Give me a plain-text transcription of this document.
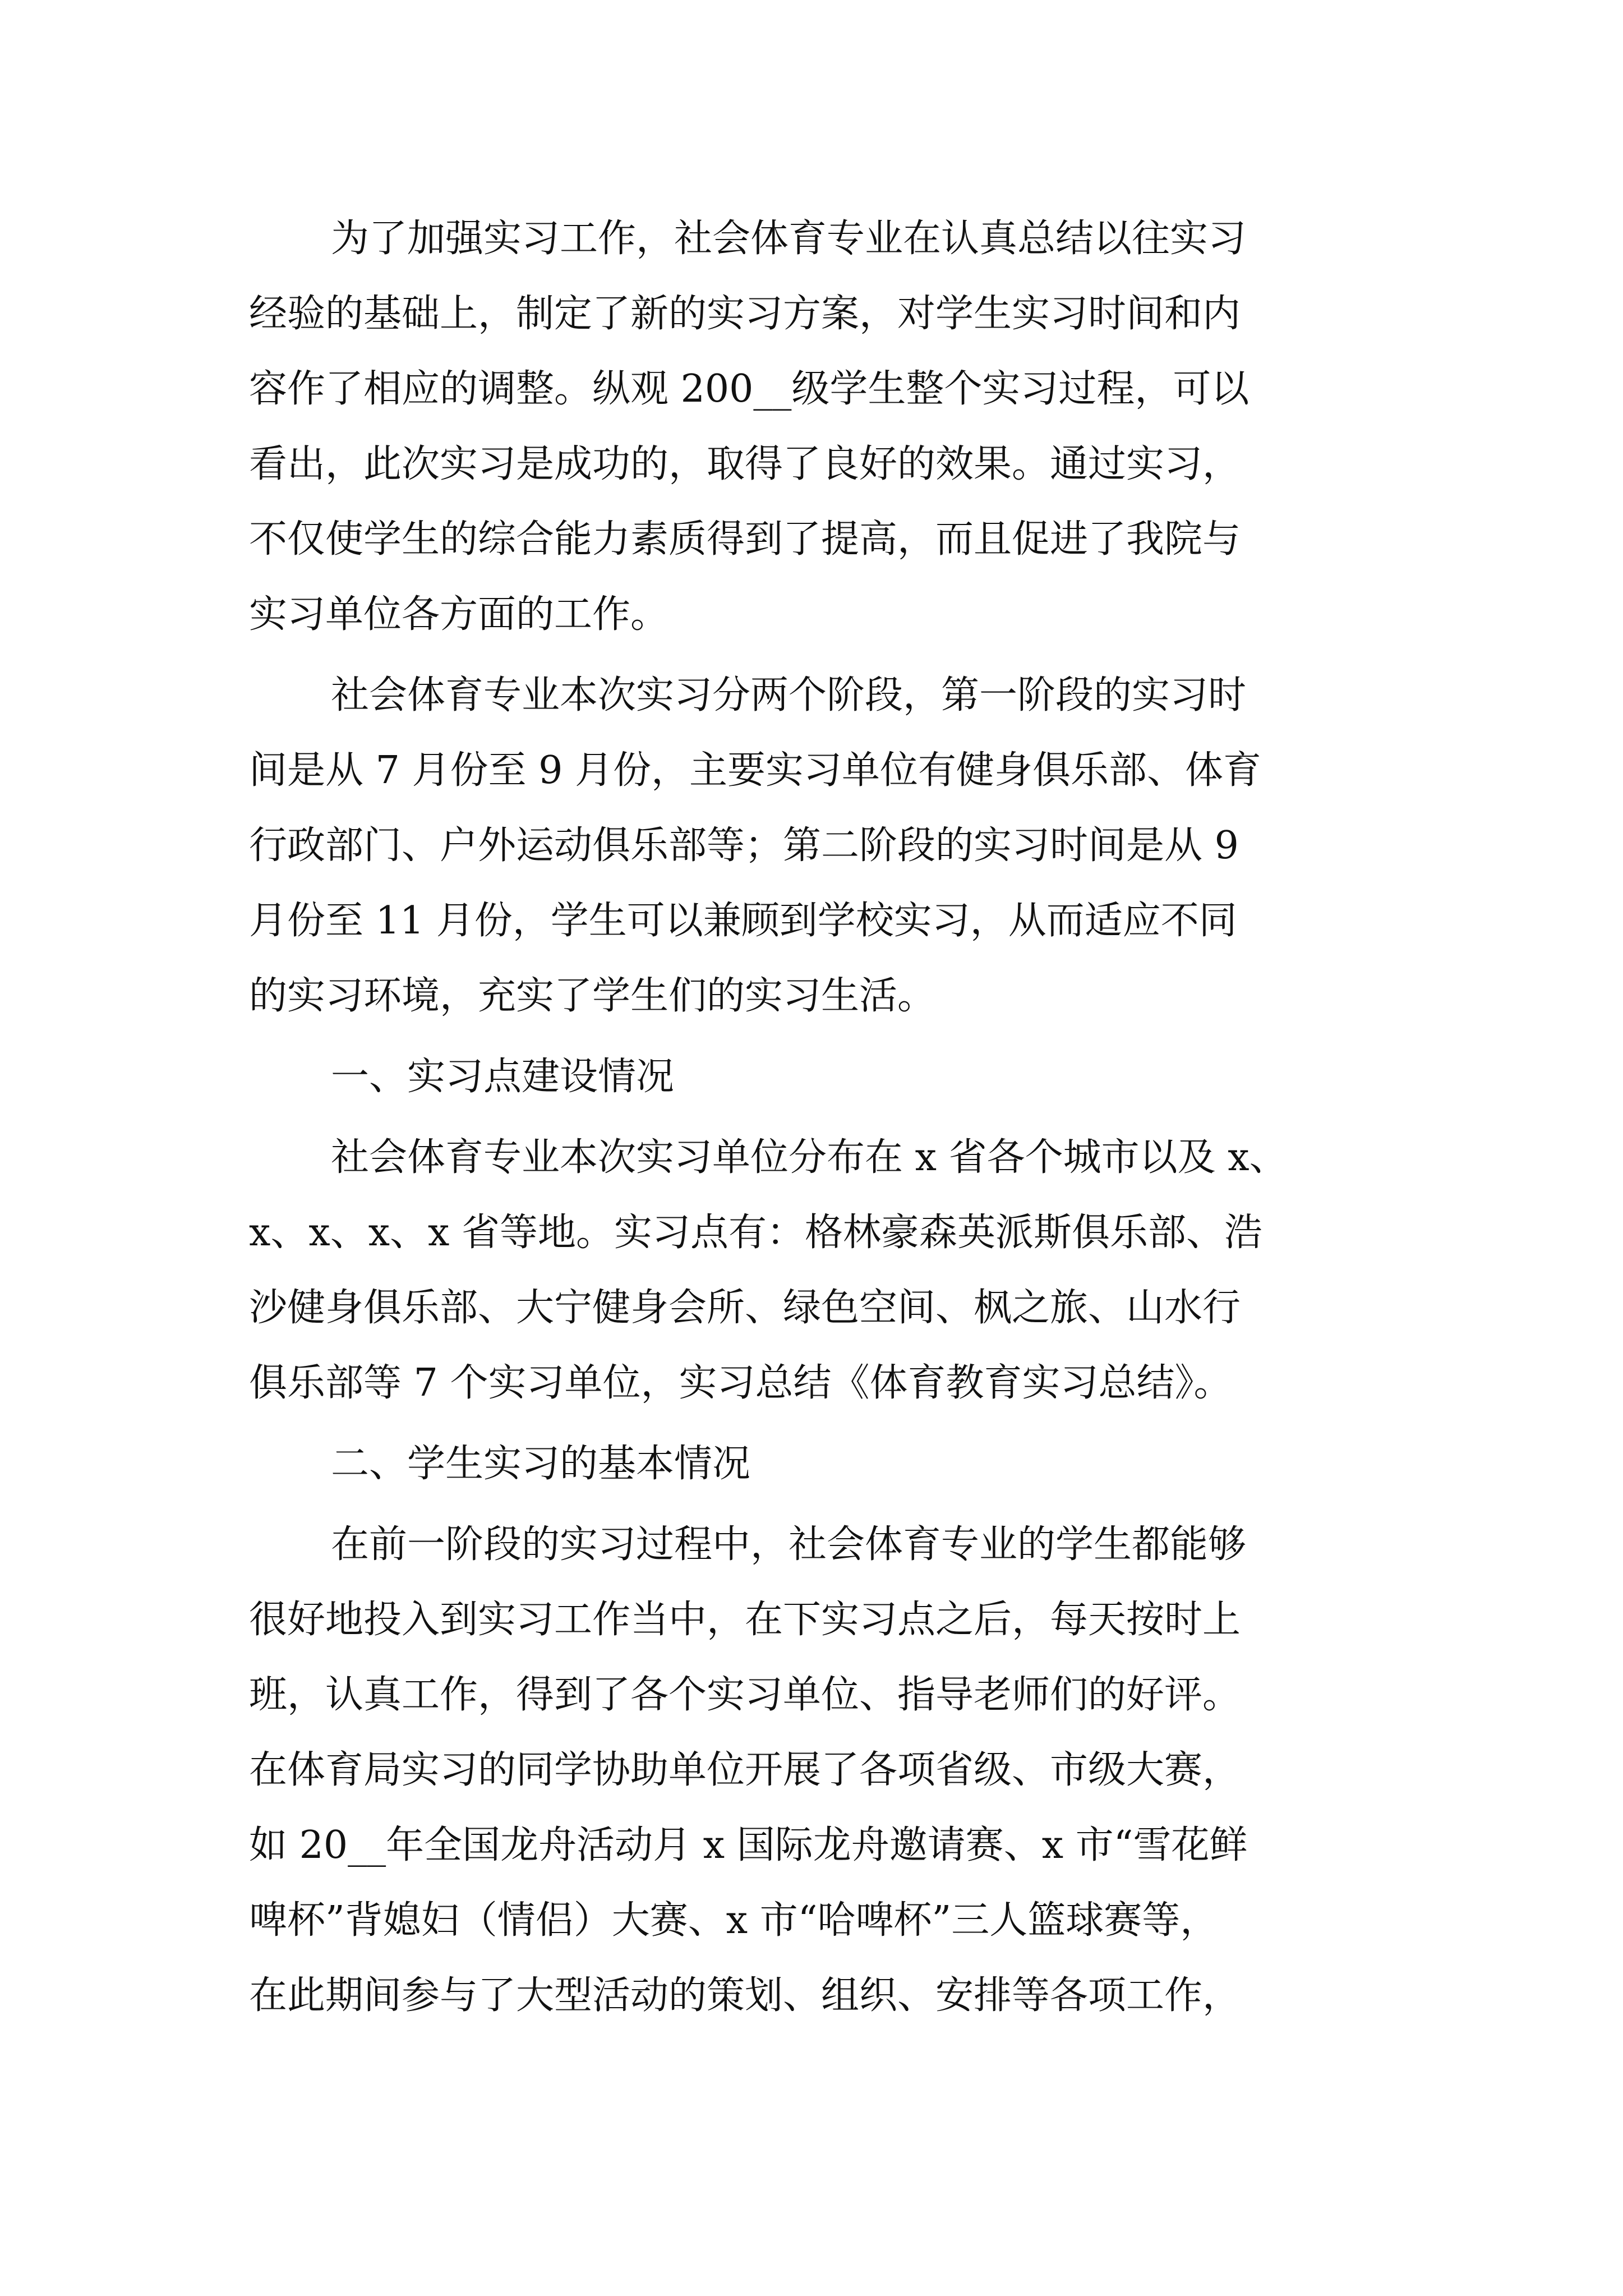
为了加强实习工作，社会体育专业在认真总结以往实习
经验的基础上，制定了新的实习方案，对学生实习时间和内
容作了相应的调整。纵观 200__级学生整个实习过程，可以
看出，此次实习是成功的，取得了良好的效果。通过实习，
不仅使学生的综合能力素质得到了提高，而且促进了我院与
实习单位各方面的工作。
社会体育专业本次实习分两个阶段，第一阶段的实习时
间是从 7 月份至 9 月份，主要实习单位有健身俱乐部、体育
行政部门、户外运动俱乐部等；第二阶段的实习时间是从 9
月份至 11 月份，学生可以兼顾到学校实习，从而适应不同
的实习环境，充实了学生们的实习生活。
一、实习点建设情况
社会体育专业本次实习单位分布在 x 省各个城市以及 x、
x、x、x、x 省等地。实习点有：格林豪森英派斯俱乐部、浩
沙健身俱乐部、大宁健身会所、绿色空间、枫之旅、山水行
俱乐部等 7 个实习单位，实习总结《体育教育实习总结》。
二、学生实习的基本情况
在前一阶段的实习过程中，社会体育专业的学生都能够
很好地投入到实习工作当中，在下实习点之后，每天按时上
班，认真工作，得到了各个实习单位、指导老师们的好评。
在体育局实习的同学协助单位开展了各项省级、市级大赛，
如 20__年全国龙舟活动月 x 国际龙舟邀请赛、x 市“雪花鲜
啤杯”背媳妇（情侣）大赛、x 市“哈啤杯”三人篮球赛等，
在此期间参与了大型活动的策划、组织、安排等各项工作，
